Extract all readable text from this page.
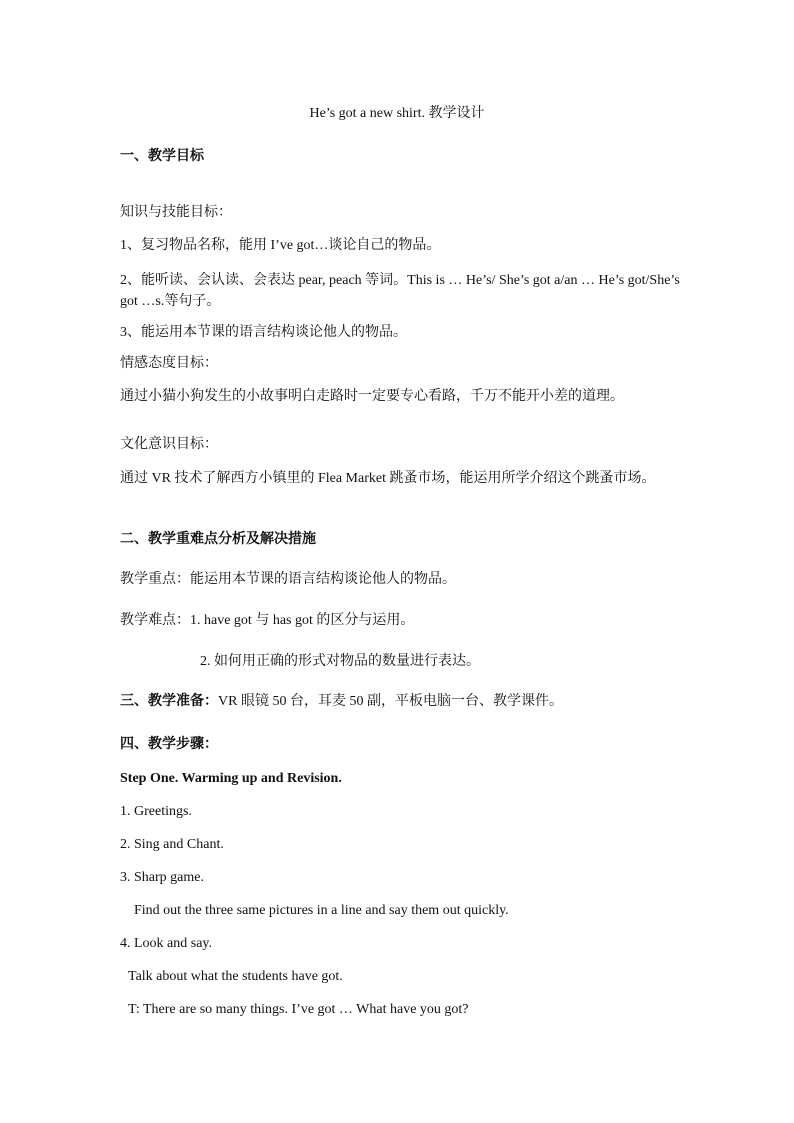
He’s got a new shirt. 教学设计
一、教学目标
知识与技能目标：
1、复习物品名称，能用 I’ve got…谈论自己的物品。
2、能听读、会认读、会表达 pear, peach 等词。This is … He’s/ She’s got a/an … He’s got/She’s got …s.等句子。
3、能运用本节课的语言结构谈论他人的物品。
情感态度目标：
通过小猫小狗发生的小故事明白走路时一定要专心看路，千万不能开小差的道理。
文化意识目标：
通过 VR 技术了解西方小镇里的 Flea Market 跳蚤市场，能运用所学介绍这个跳蚤市场。
二、教学重难点分析及解决措施
教学重点：能运用本节课的语言结构谈论他人的物品。
教学难点：1. have got 与 has got 的区分与运用。
2. 如何用正确的形式对物品的数量进行表达。
三、教学准备：VR 眼镜 50 台，耳麦 50 副，平板电脑一台、教学课件。
四、教学步骤：
Step One. Warming up and Revision.
1. Greetings.
2. Sing and Chant.
3. Sharp game.
Find out the three same pictures in a line and say them out quickly.
4. Look and say.
Talk about what the students have got.
T: There are so many things. I’ve got … What have you got?
